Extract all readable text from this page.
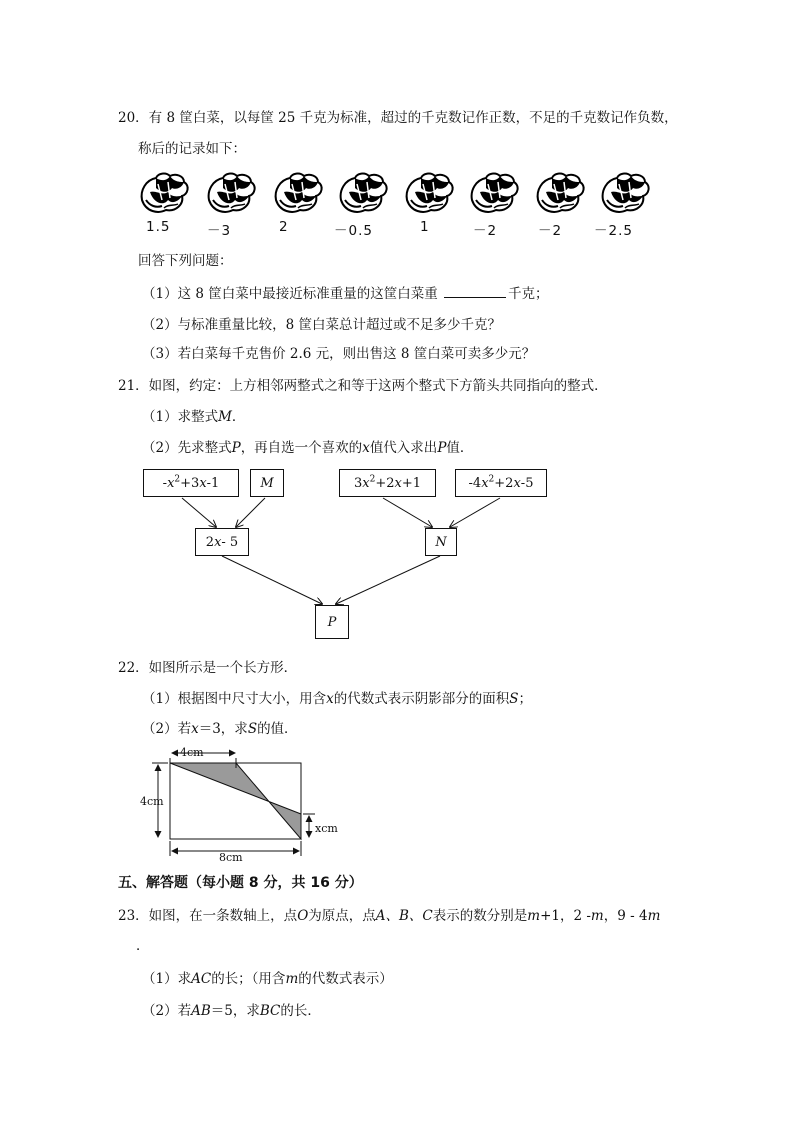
20．有 8 筐白菜，以每筐 25 千克为标准，超过的千克数记作正数，不足的千克数记作负数，
称后的记录如下：
1.5	－3	2	－0.5	1	－2	－2 －2.5
回答下列问题：
（1）这 8 筐白菜中最接近标准重量的这筐白菜重	千克；
（2）与标准重量比较，8 筐白菜总计超过或不足多少千克？
（3）若白菜每千克售价 2.6 元，则出售这 8 筐白菜可卖多少元？
21．如图，约定：上方相邻两整式之和等于这两个整式下方箭头共同指向的整式．
（1）求整式M．
（2）先求整式P，再自选一个喜欢的x值代入求出P值．
$-x^2+3x-1$	M	$3x^2+2x+1$	$-4x^2+2x-5$
2x- 5	N
P
22．如图所示是一个长方形．
（1）根据图中尺寸大小，用含x的代数式表示阴影部分的面积S；
（2）若x＝3，求S的值．
4cm
4cm
xcm
8cm
五、解答题（每小题 8 分，共 16 分）
23．如图，在一条数轴上，点O为原点，点A、B、C表示的数分别是m+1，2 -m，9 - 4m
．
（1）求AC的长；（用含m的代数式表示）
（2）若AB＝5，求BC的长．
